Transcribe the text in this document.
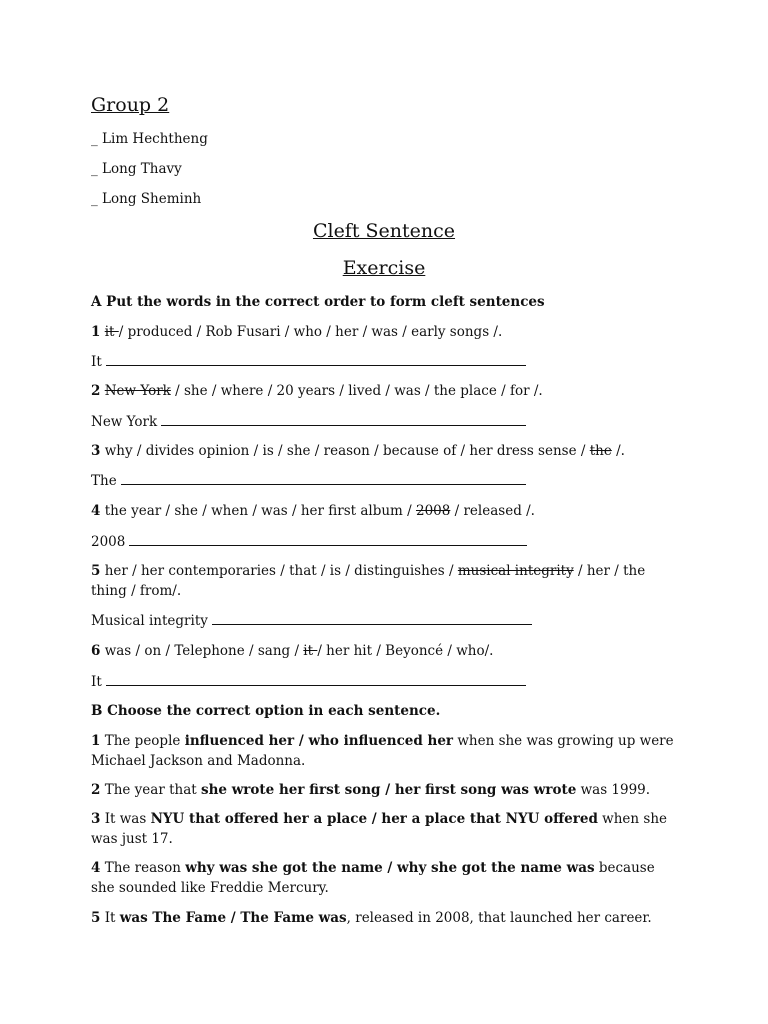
Group 2
_ Lim Hechtheng
_ Long Thavy
_ Long Sheminh
Cleft Sentence
Exercise
A Put the words in the correct order to form cleft sentences
1 it / produced / Rob Fusari / who / her / was / early songs /.
It
2 New York / she / where / 20 years / lived / was / the place / for /.
New York
3 why / divides opinion / is / she / reason / because of / her dress sense / the /.
The
4 the year / she / when / was / her first album / 2008 / released /.
2008
5 her / her contemporaries / that / is / distinguishes / musical integrity / her / the thing / from/.
Musical integrity
6 was / on / Telephone / sang / it / her hit / Beyoncé / who/.
It
B Choose the correct option in each sentence.
1 The people influenced her / who influenced her when she was growing up were Michael Jackson and Madonna.
2 The year that she wrote her first song / her first song was wrote was 1999.
3 It was NYU that offered her a place / her a place that NYU offered when she was just 17.
4 The reason why was she got the name / why she got the name was because she sounded like Freddie Mercury.
5 It was The Fame / The Fame was, released in 2008, that launched her career.
